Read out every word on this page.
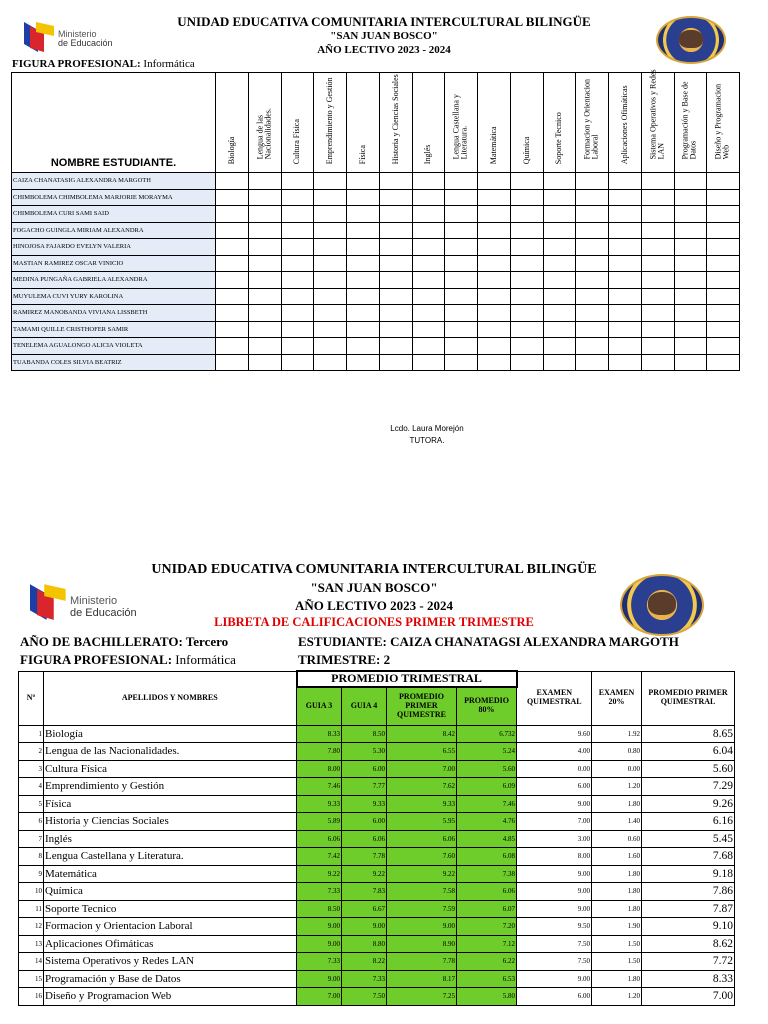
Ministerio
de Educación
UNIDAD EDUCATIVA COMUNITARIA INTERCULTURAL BILINGÜE
"SAN JUAN BOSCO"
AÑO LECTIVO 2023 - 2024
FIGURA PROFESIONAL: Informática
NOMBRE ESTUDIANTE.	Biología	Lengua de las Nacionalidades.	Cultura Física	Emprendimiento y Gestión	Física	Historia y Ciencias Sociales	Inglés	Lengua Castellana y Literatura.	Matemática	Química	Soporte Tecnico	Formacion y Orientacion Laboral	Aplicaciones Ofimáticas	Sistema Operativos y Redes LAN	Programación y Base de Datos	Diseño y Programacion Web

CAIZA CHANATASIG ALEXANDRA MARGOTH																
CHIMBOLEMA CHIMBOLEMA MARJORIE MORAYMA																
CHIMBOLEMA CURI SAMI SAID																
FOGACHO GUINGLA MIRIAM ALEXANDRA																
HINOJOSA FAJARDO EVELYN VALERIA																
MASTIAN RAMIREZ OSCAR VINICIO																
MEDINA PUNGAÑA GABRIELA ALEXANDRA																
MUYULEMA CUVI YURY KAROLINA																
RAMIREZ MANOBANDA VIVIANA LISSBETH																
TAMAMI QUILLE CRISTHOFER SAMIR																
TENELEMA AGUALONGO ALICIA VIOLETA																
TUABANDA COLES SILVIA BEATRIZ																
Lcdo. Laura Morejón
TUTORA.
Ministerio
de Educación
UNIDAD EDUCATIVA COMUNITARIA INTERCULTURAL BILINGÜE
"SAN JUAN BOSCO"
AÑO LECTIVO 2023 - 2024
LIBRETA DE CALIFICACIONES PRIMER TRIMESTRE
AÑO DE BACHILLERATO: Tercero
FIGURA PROFESIONAL: Informática
ESTUDIANTE: CAIZA CHANATAGSI ALEXANDRA MARGOTH
TRIMESTRE: 2
Nº	APELLIDOS Y NOMBRES	PROMEDIO TRIMESTRAL				EXAMEN QUIMESTRAL	EXAMEN 20%	PROMEDIO PRIMER QUIMESTRAL
		GUIA 3	GUIA 4	PROMEDIO PRIMER QUIMESTRE	PROMEDIO 80%			
1	Biología	8.33	8.50	8.42	6.732	9.60	1.92	8.65
2	Lengua de las Nacionalidades.	7.80	5.30	6.55	5.24	4.00	0.80	6.04
3	Cultura Física	8.00	6.00	7.00	5.60	0.00	0.00	5.60
4	Emprendimiento y Gestión	7.46	7.77	7.62	6.09	6.00	1.20	7.29
5	Física	9.33	9.33	9.33	7.46	9.00	1.80	9.26
6	Historia y Ciencias Sociales	5.89	6.00	5.95	4.76	7.00	1.40	6.16
7	Inglés	6.06	6.06	6.06	4.85	3.00	0.60	5.45
8	Lengua Castellana y Literatura.	7.42	7.78	7.60	6.08	8.00	1.60	7.68
9	Matemática	9.22	9.22	9.22	7.38	9.00	1.80	9.18
10	Química	7.33	7.83	7.58	6.06	9.00	1.80	7.86
11	Soporte Tecnico	8.50	6.67	7.59	6.07	9.00	1.80	7.87
12	Formacion y Orientacion Laboral	9.00	9.00	9.00	7.20	9.50	1.90	9.10
13	Aplicaciones Ofimáticas	9.00	8.80	8.90	7.12	7.50	1.50	8.62
14	Sistema Operativos y Redes LAN	7.33	8.22	7.78	6.22	7.50	1.50	7.72
15	Programación y Base de Datos	9.00	7.33	8.17	6.53	9.00	1.80	8.33
16	Diseño y Programacion Web	7.00	7.50	7.25	5.80	6.00	1.20	7.00
